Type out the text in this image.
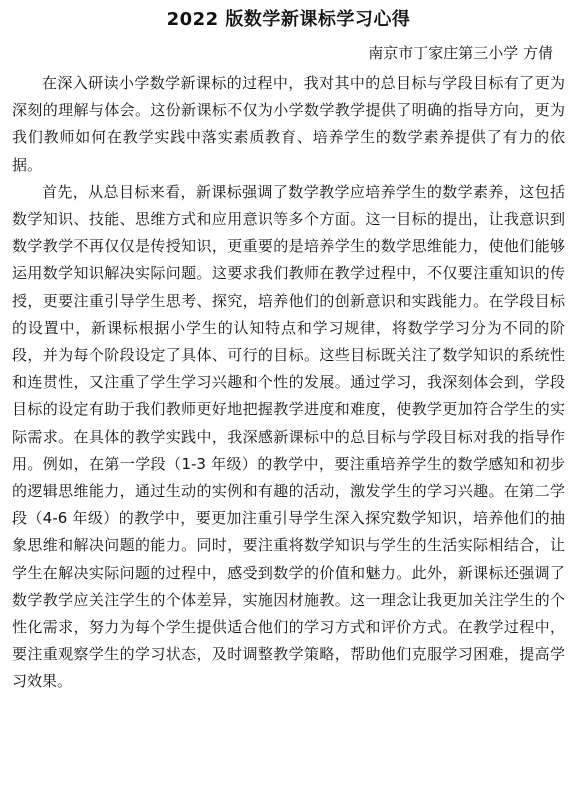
2022 版数学新课标学习心得
南京市丁家庄第三小学 方倩

在深入研读小学数学新课标的过程中，我对其中的总目标与学段目标有了更为深刻的理解与体会。这份新课标不仅为小学数学教学提供了明确的指导方向，更为我们教师如何在教学实践中落实素质教育、培养学生的数学素养提供了有力的依据。

首先，从总目标来看，新课标强调了数学教学应培养学生的数学素养，这包括数学知识、技能、思维方式和应用意识等多个方面。这一目标的提出，让我意识到数学教学不再仅仅是传授知识，更重要的是培养学生的数学思维能力，使他们能够运用数学知识解决实际问题。这要求我们教师在教学过程中，不仅要注重知识的传授，更要注重引导学生思考、探究，培养他们的创新意识和实践能力。在学段目标的设置中，新课标根据小学生的认知特点和学习规律，将数学学习分为不同的阶段，并为每个阶段设定了具体、可行的目标。这些目标既关注了数学知识的系统性和连贯性，又注重了学生学习兴趣和个性的发展。通过学习，我深刻体会到，学段目标的设定有助于我们教师更好地把握教学进度和难度，使教学更加符合学生的实际需求。在具体的教学实践中，我深感新课标中的总目标与学段目标对我的指导作用。例如，在第一学段（1-3 年级）的教学中，要注重培养学生的数学感知和初步的逻辑思维能力，通过生动的实例和有趣的活动，激发学生的学习兴趣。在第二学段（4-6 年级）的教学中，要更加注重引导学生深入探究数学知识，培养他们的抽象思维和解决问题的能力。同时，要注重将数学知识与学生的生活实际相结合，让学生在解决实际问题的过程中，感受到数学的价值和魅力。此外，新课标还强调了数学教学应关注学生的个体差异，实施因材施教。这一理念让我更加关注学生的个性化需求，努力为每个学生提供适合他们的学习方式和评价方式。在教学过程中，要注重观察学生的学习状态，及时调整教学策略，帮助他们克服学习困难，提高学习效果。
